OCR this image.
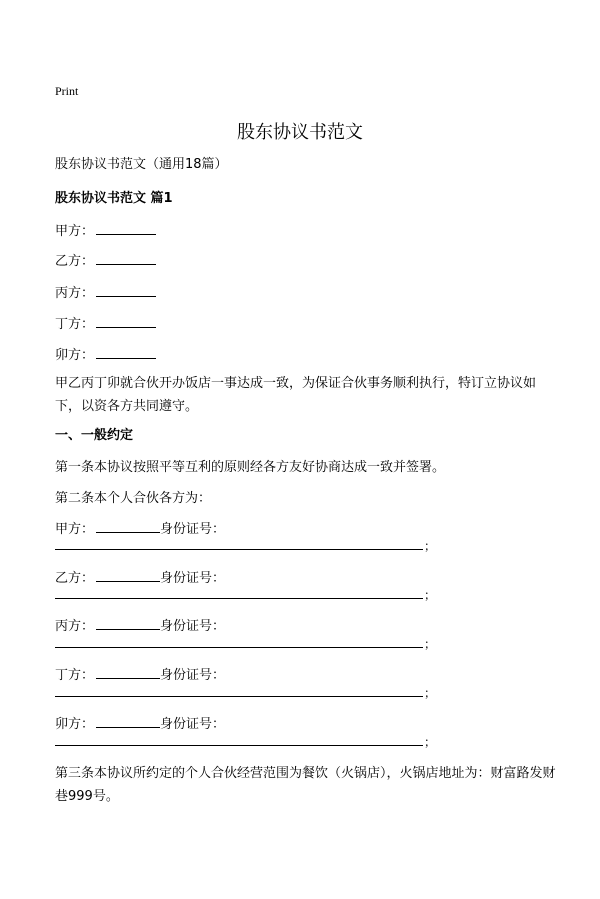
Print
股东协议书范文
股东协议书范文（通用18篇）
股东协议书范文 篇1
甲方：
乙方：
丙方：
丁方：
卯方：
甲乙丙丁卯就合伙开办饭店一事达成一致，为保证合伙事务顺利执行，特订立协议如下，以资各方共同遵守。
一、一般约定
第一条本协议按照平等互利的原则经各方友好协商达成一致并签署。
第二条本个人合伙各方为：
甲方：	身份证号：
；
乙方：	身份证号：
；
丙方：	身份证号：
；
丁方：	身份证号：
；
卯方：	身份证号：
；
第三条本协议所约定的个人合伙经营范围为餐饮（火锅店），火锅店地址为：财富路发财巷999号。
